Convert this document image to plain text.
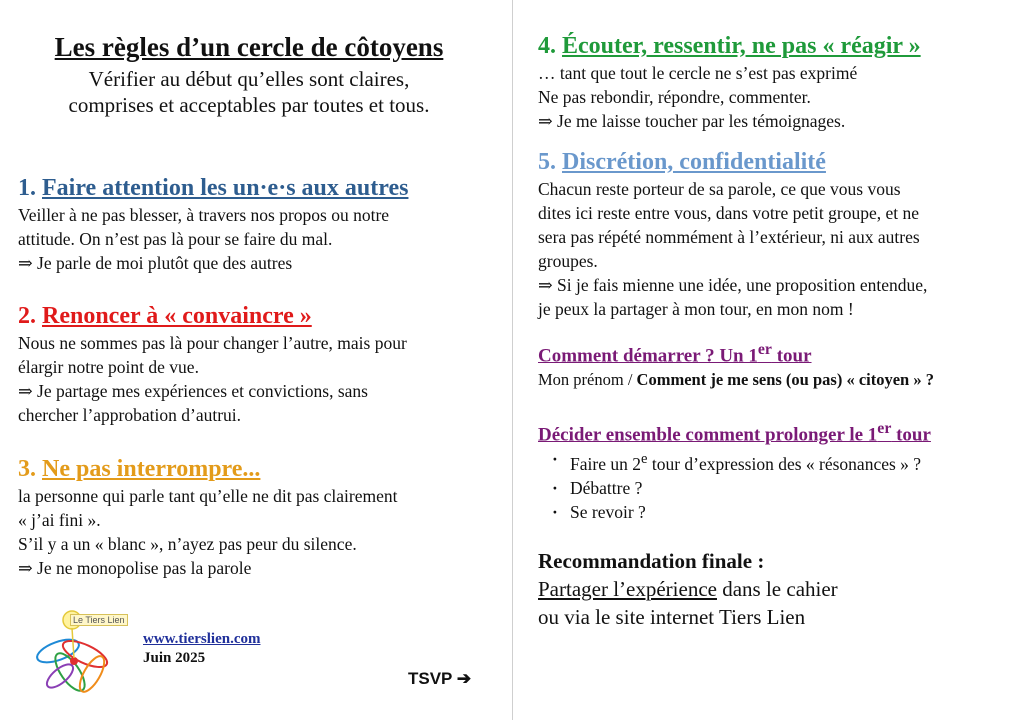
Les règles d’un cercle de côtoyens

Vérifier au début qu’elles sont claires,
comprises et acceptables par toutes et tous.

1. Faire attention les un·e·s aux autres

Veiller à ne pas blesser, à travers nos propos ou notre
attitude. On n’est pas là pour se faire du mal.
⇒ Je parle de moi plutôt que des autres

2. Renoncer à « convaincre »

Nous ne sommes pas là pour changer l’autre, mais pour
élargir notre point de vue.
⇒ Je partage mes expériences et convictions, sans
chercher l’approbation d’autrui.

3. Ne pas interrompre...

la personne qui parle tant qu’elle ne dit pas clairement
« j’ai fini ».
S’il y a un « blanc », n’ayez pas peur du silence.
⇒ Je ne monopolise pas la parole

Le Tiers Lien
www.tierslien.com
Juin 2025
TSVP ➔
4. Écouter, ressentir, ne pas « réagir »

… tant que tout le cercle ne s’est pas exprimé
Ne pas rebondir, répondre, commenter.
⇒ Je me laisse toucher par les témoignages.

5. Discrétion, confidentialité

Chacun reste porteur de sa parole, ce que vous vous
dites ici reste entre vous, dans votre petit groupe, et ne
sera pas répété nommément à l’extérieur, ni aux autres
groupes.
⇒ Si je fais mienne une idée, une proposition entendue,
je peux la partager à mon tour, en mon nom !

Comment démarrer ? Un 1er tour

Mon prénom / Comment je me sens (ou pas) « citoyen » ?

Décider ensemble comment prolonger le 1er tour
· Faire un 2e tour d’expression des « résonances » ?
· Débattre ?
· Se revoir ?

Recommandation finale :

Partager l’expérience dans le cahier
ou via le site internet Tiers Lien
